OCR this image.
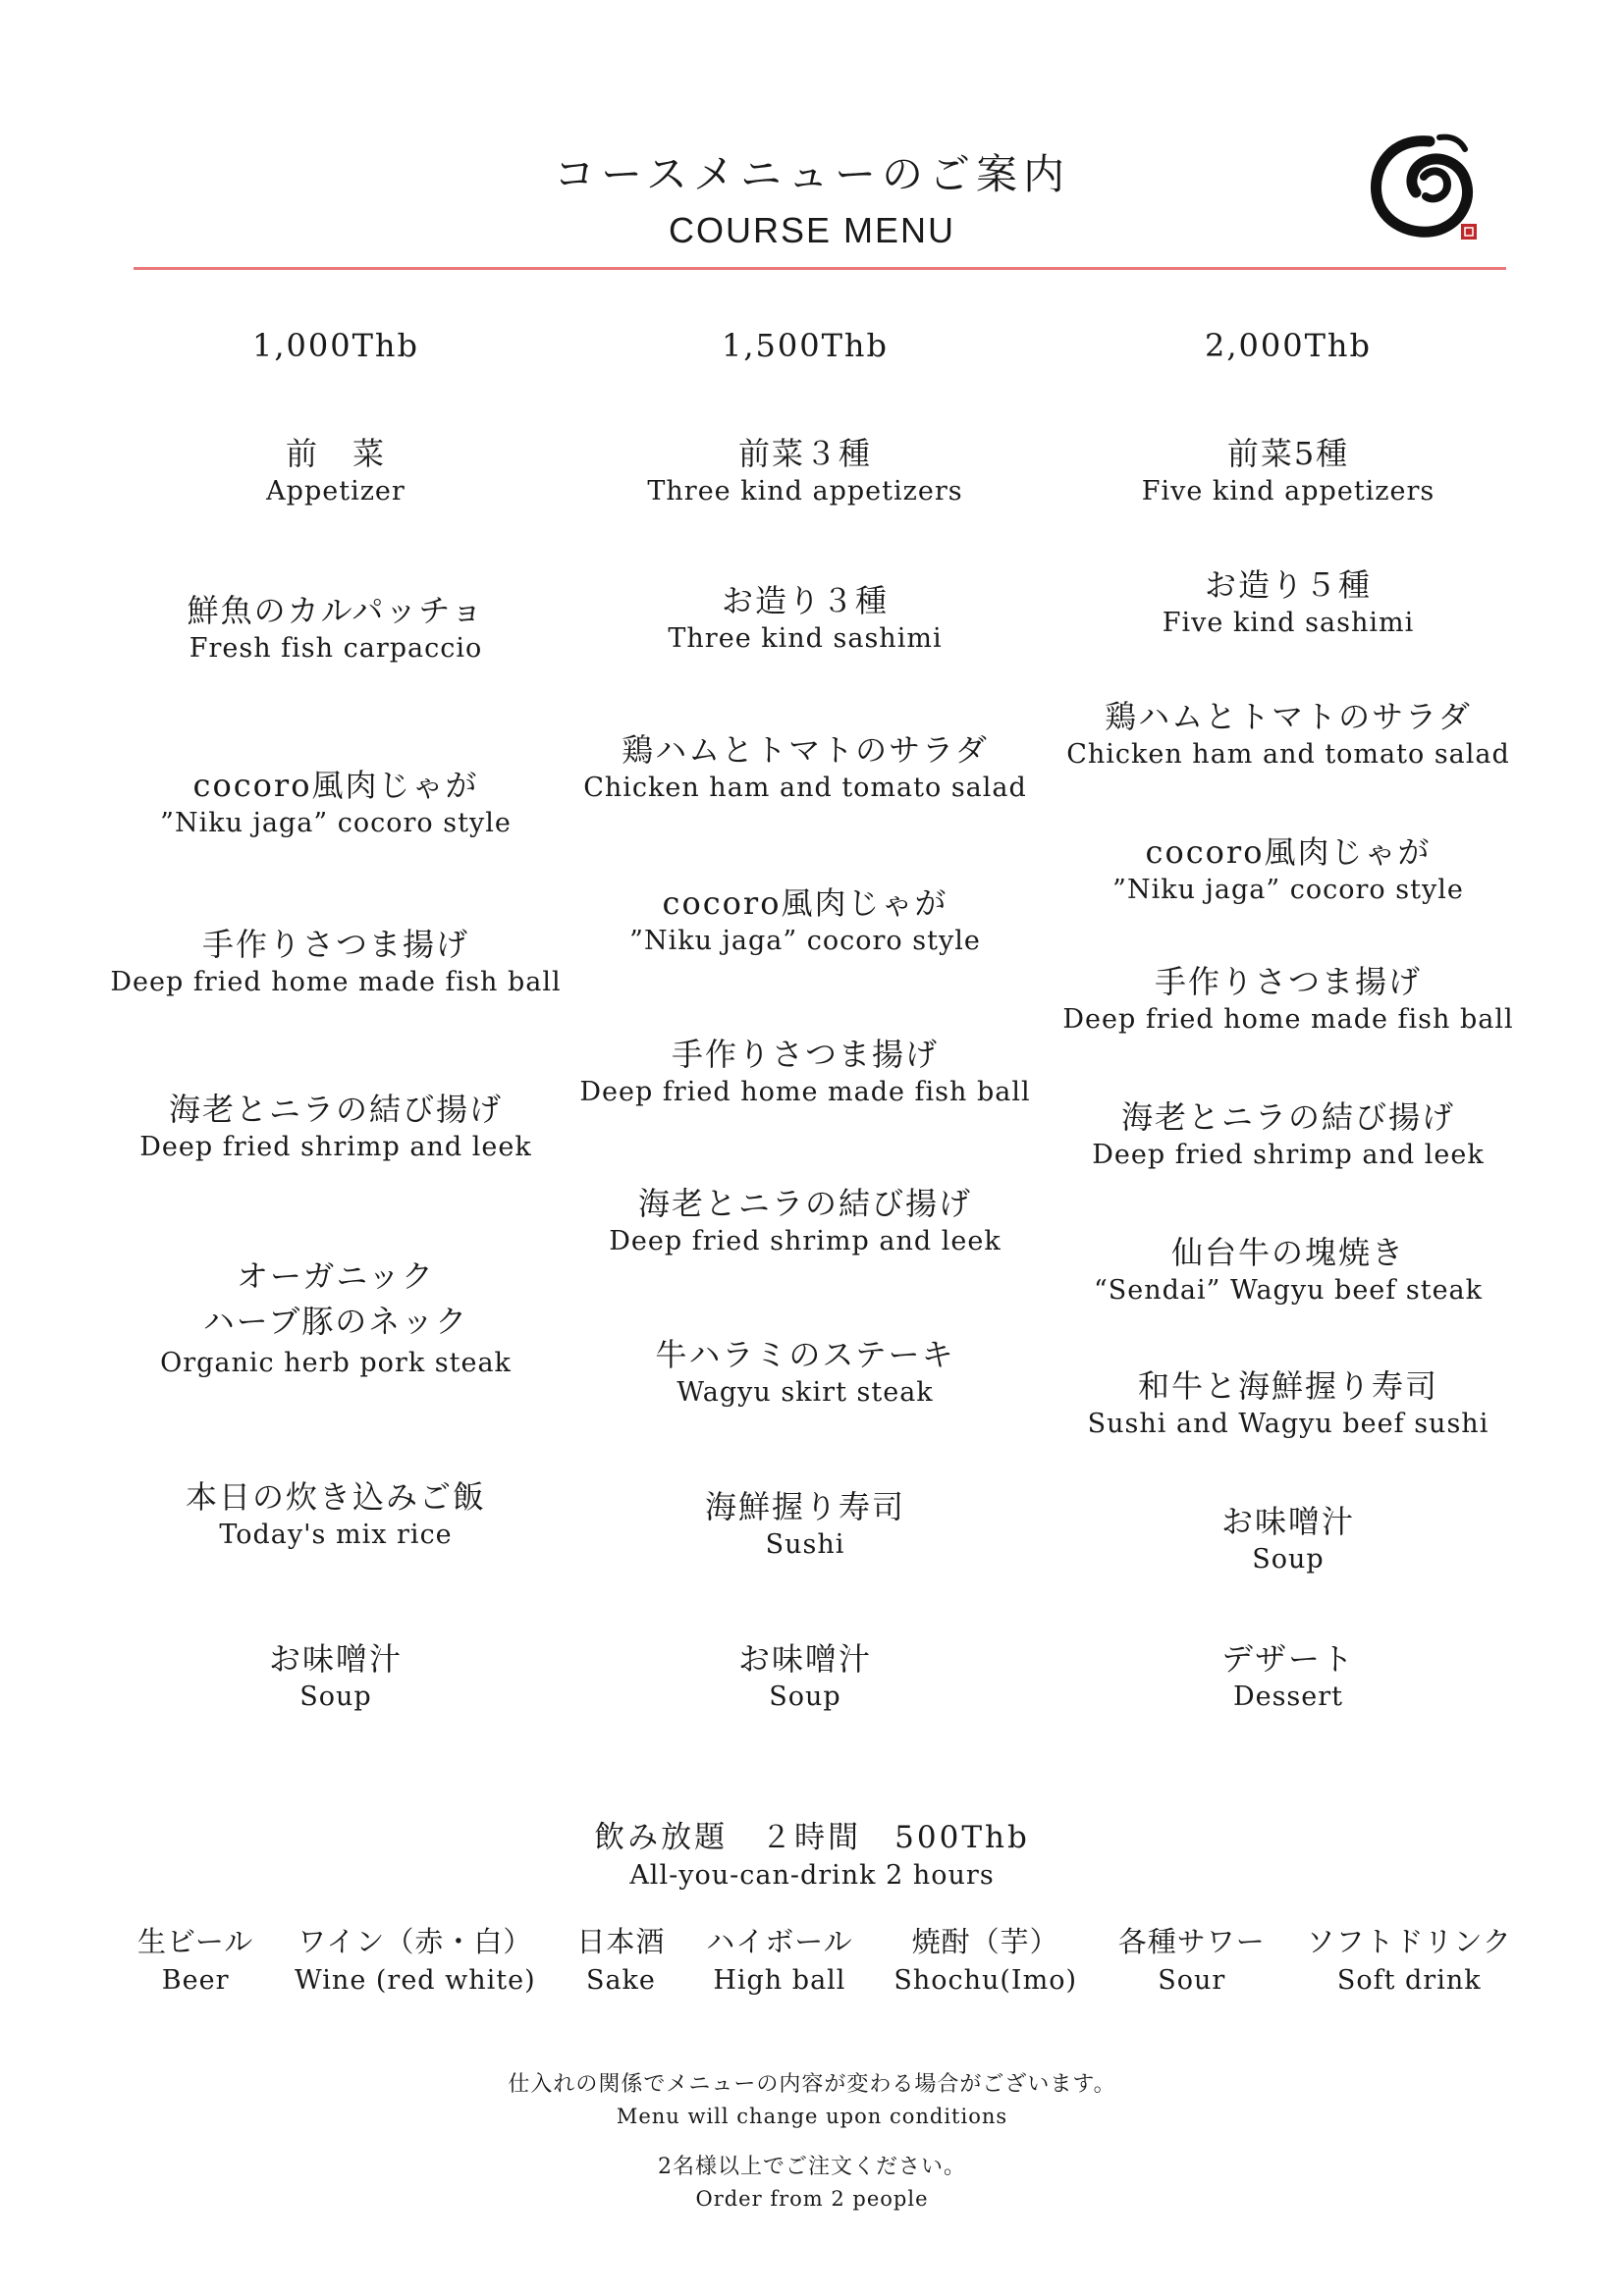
コースメニューのご案内
COURSE MENU
1,000Thb
前　菜
Appetizer
鮮魚のカルパッチョ
Fresh fish carpaccio
cocoro風肉じゃが
”Niku jaga” cocoro style
手作りさつま揚げ
Deep fried home made fish ball
海老とニラの結び揚げ
Deep fried shrimp and leek
オーガニック
ハーブ豚のネック
Organic herb pork steak
本日の炊き込みご飯
Today's mix rice
お味噌汁
Soup
1,500Thb
前菜３種
Three kind appetizers
お造り３種
Three kind sashimi
鶏ハムとトマトのサラダ
Chicken ham and tomato salad
cocoro風肉じゃが
”Niku jaga” cocoro style
手作りさつま揚げ
Deep fried home made fish ball
海老とニラの結び揚げ
Deep fried shrimp and leek
牛ハラミのステーキ
Wagyu skirt steak
海鮮握り寿司
Sushi
お味噌汁
Soup
2,000Thb
前菜5種
Five kind appetizers
お造り５種
Five kind sashimi
鶏ハムとトマトのサラダ
Chicken ham and tomato salad
cocoro風肉じゃが
”Niku jaga” cocoro style
手作りさつま揚げ
Deep fried home made fish ball
海老とニラの結び揚げ
Deep fried shrimp and leek
仙台牛の塊焼き
“Sendai” Wagyu beef steak
和牛と海鮮握り寿司
Sushi and Wagyu beef sushi
お味噌汁
Soup
デザート
Dessert
飲み放題　２時間　500Thb
All-you-can-drink 2 hours
生ビール
Beer
ワイン（赤・白）
Wine (red white)
日本酒
Sake
ハイボール
High ball
焼酎（芋）
Shochu(Imo)
各種サワー
Sour
ソフトドリンク
Soft drink
仕入れの関係でメニューの内容が変わる場合がございます。
Menu will change upon conditions
2名様以上でご注文ください。
Order from 2 people
